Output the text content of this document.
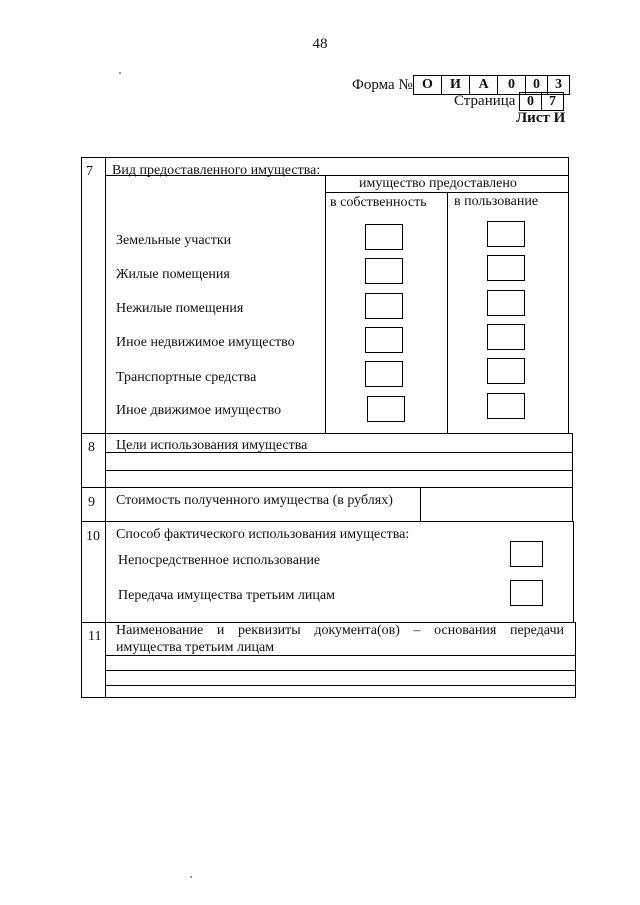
48
Форма № О	И	А	0	0	3
Страница 0	7
Лист И
7 Вид предоставленного имущества:
имущество предоставлено
в собственность в пользование
Земельные участки
Жилые помещения
Нежилые помещения
Иное недвижимое имущество
Транспортные средства
Иное движимое имущество
8 Цели использования имущества
9 Стоимость полученного имущества (в рублях)
10 Способ фактического использования имущества:
Непосредственное использование
Передача имущества третьим лицам
11 Наименование и реквизиты документа(ов) – основания передачи
имущества третьим лицам
